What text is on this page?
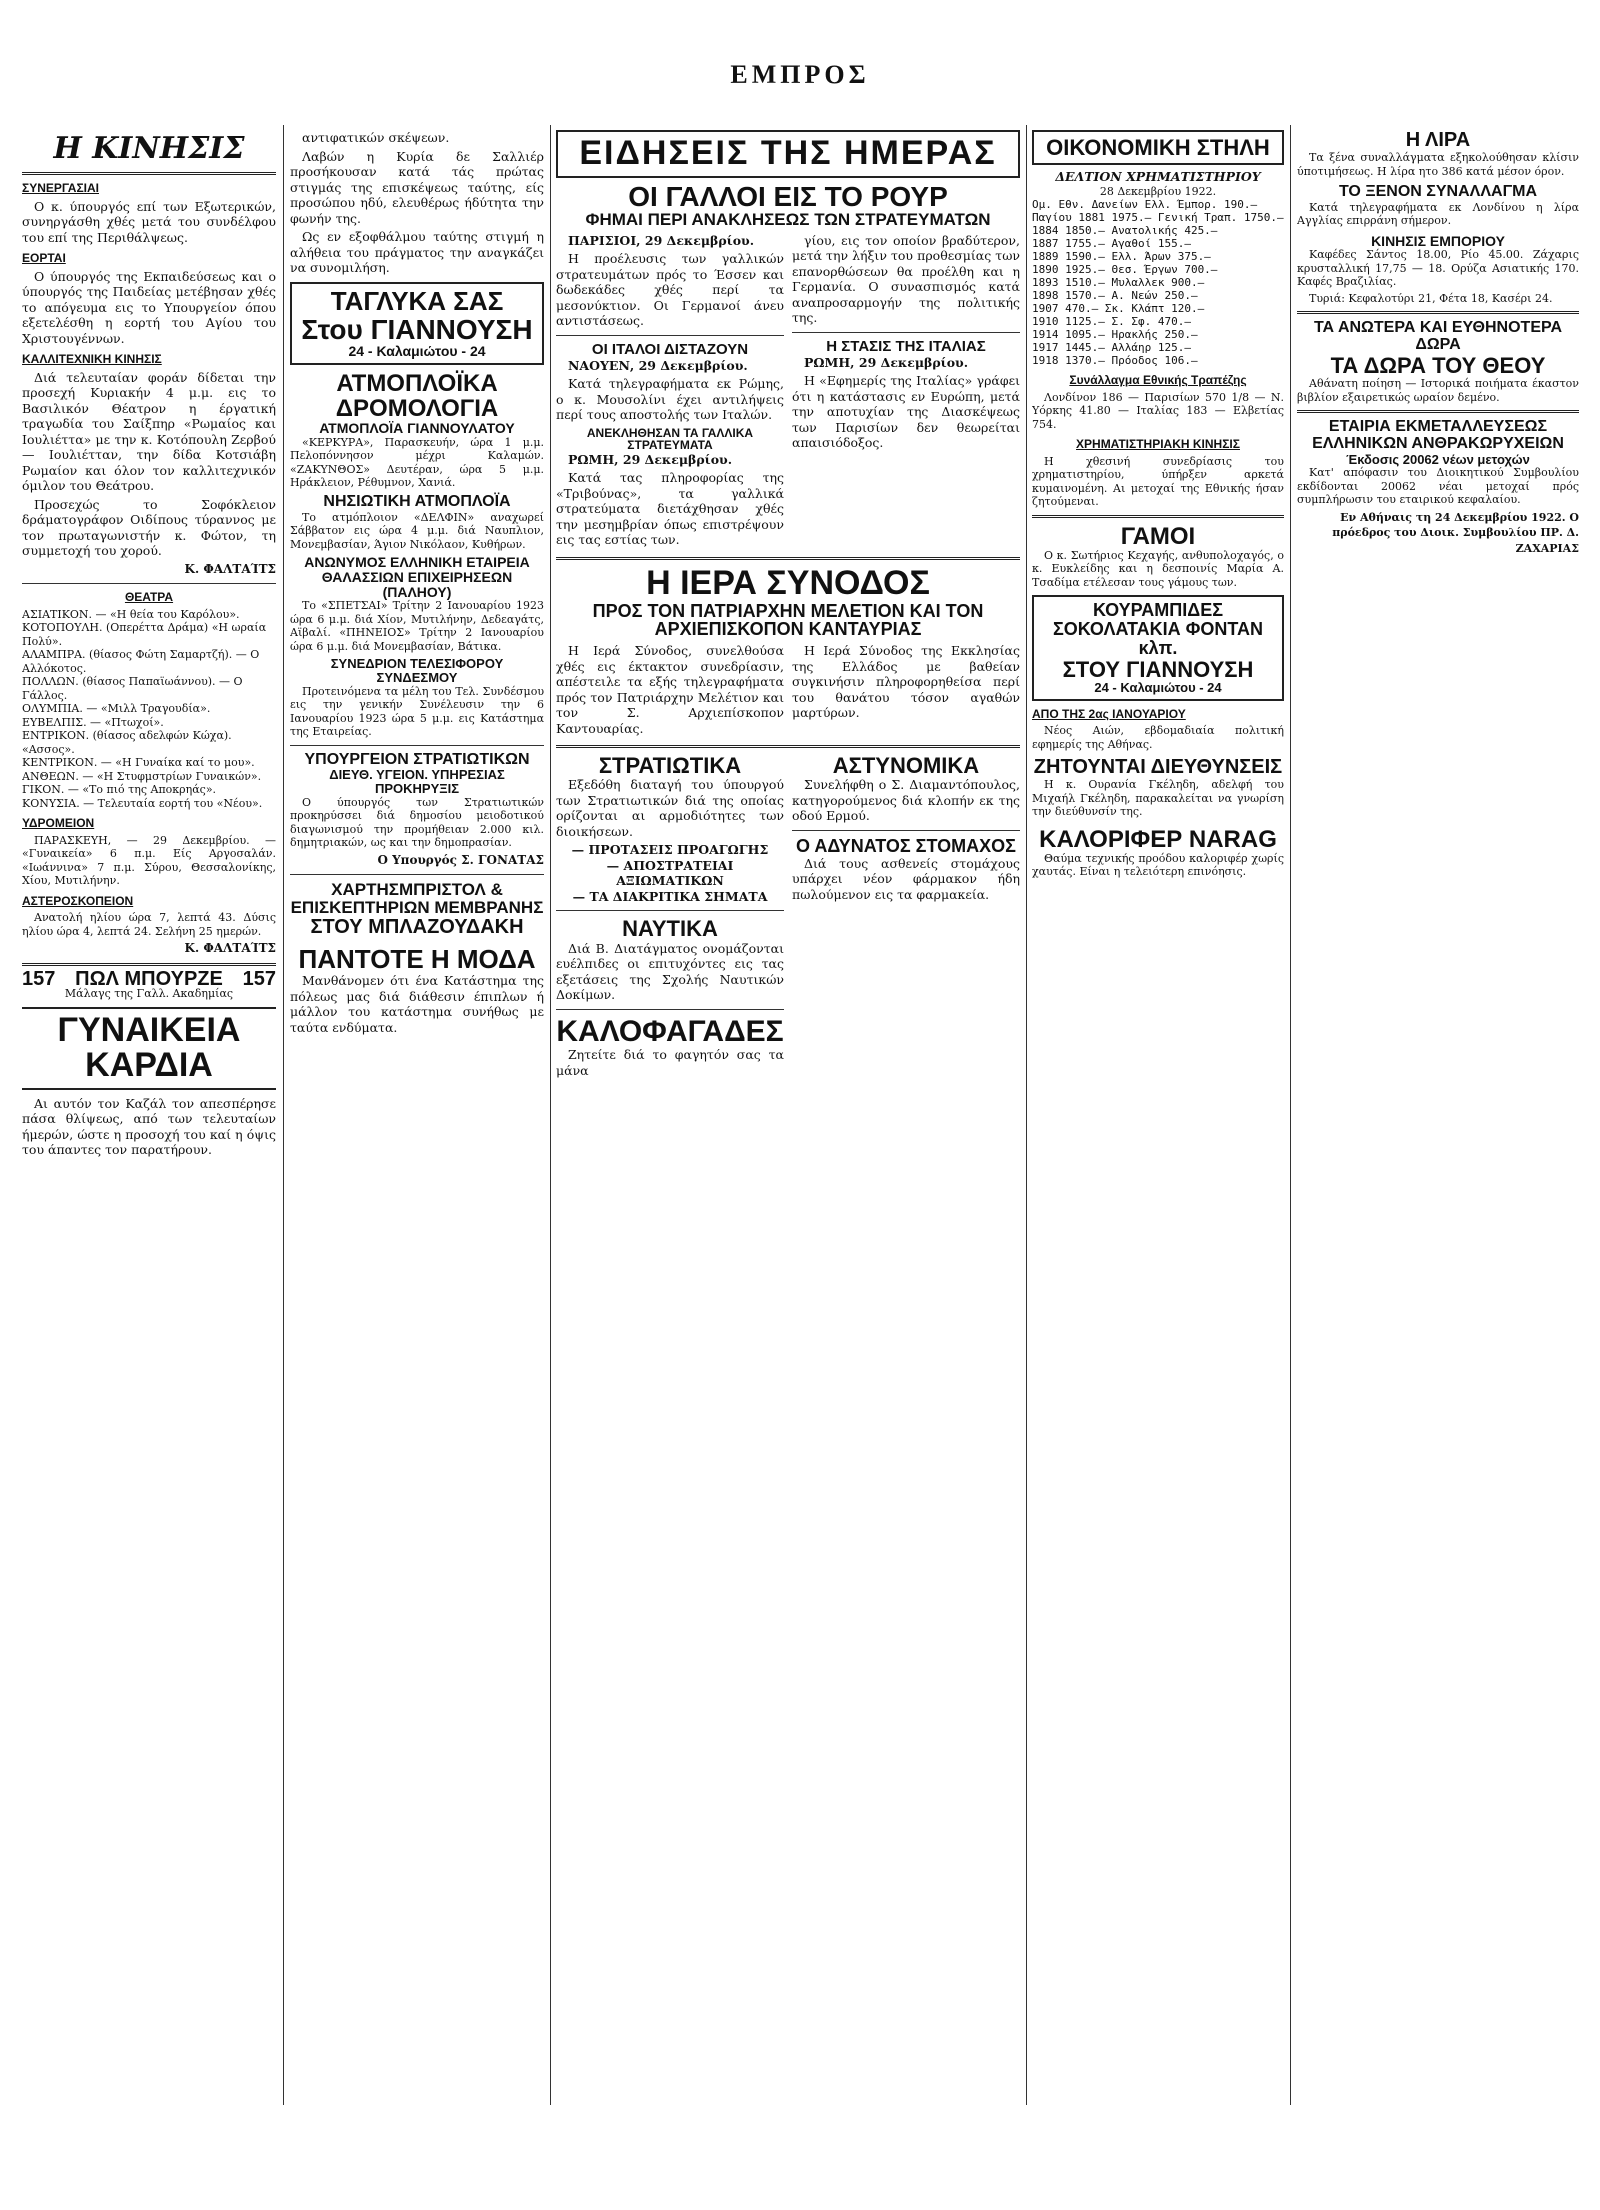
ΕΜΠΡΟΣ
Η ΚΙΝΗΣΙΣ
ΣΥΝΕΡΓΑΣΙΑΙ

Ο κ. ύπουργός επί των Εξωτερικών, συνηργάσθη χθές μετά του συνδέλφου του επί της Περιθάλψεως.

ΕΟΡΤΑΙ

Ο ύπουργός της Εκπαιδεύσεως και ο ύπουργός της Παιδείας μετέβησαν χθές το απόγευμα εις το Υπουργείον όπου εξετελέσθη η εορτή του Αγίου του Χριστουγέννων.

ΚΑΛΛΙΤΕΧΝΙΚΗ ΚΙΝΗΣΙΣ

Διά τελευταίαν φοράν δίδεται την προσεχή Κυριακήν 4 μ.μ. εις το Βασιλικόν Θέατρον η έργατική τραγωδία του Σαίξπηρ «Ρωμαίος και Ιουλιέττα» με την κ. Κοτόπουλη Ζερβού — Ιουλιέτταν, την δίδα Κοτσιάβη Ρωμαίον και όλον τον καλλιτεχνικόν όμιλον του Θεάτρου.

Προσεχώς το Σοφόκλειον δράματογράφον Οιδίπους τύραννος με τον πρωταγωνιστήν κ. Φώτον, τη συμμετοχή του χορού.

Κ. ΦΑΛΤΑΊΤΣ
ΘΕΑΤΡΑ
ΑΣΙΑΤΙΚΟΝ. — «Η θεία του Καρόλου».
ΚΟΤΟΠΟΥΛΗ. (Οπερέττα Δράμα) «Η ωραία Πολύ».
ΑΛΑΜΠΡΑ. (θίασος Φώτη Σαμαρτζή). — Ο Αλλόκοτος.
ΠΟΛΛΩΝ. (θίασος Παπαϊωάννου). — Ο Γάλλος.
ΟΛΥΜΠΙΑ. — «Μιλλ Τραγουδία».
ΕΥΒΕΛΠΙΣ. — «Πτωχοί».
ΕΝΤΡΙΚΟΝ. (θίασος αδελφών Κώχα). «Ασσος».
ΚΕΝΤΡΙΚΟΝ. — «Η Γυναίκα καί το μου».
ΑΝΘΕΩΝ. — «Η Στυφμστρίων Γυναικών».
ΓΙΚΟΝ. — «Το πιό της Αποκρηάς».
ΚΟΝΥΣΙΑ. — Τελευταία εορτή του «Νέου».
ΥΔΡΟΜΕΙΟΝ

ΠΑΡΑΣΚΕΥΗ, — 29 Δεκεμβρίου. — «Γυναικεία» 6 π.μ. Είς Αργοσαλάν. «Ιωάννινα» 7 π.μ. Σύρου, Θεσσαλονίκης, Χίου, Μυτιλήνην.

ΑΣΤΕΡΟΣΚΟΠΕΙΟΝ

Ανατολή ηλίου ώρα 7, λεπτά 43. Δύσις ηλίου ώρα 4, λεπτά 24. Σελήνη 25 ημερών.

Κ. ΦΑΛΤΑΊΤΣ
157 ΠΩΛ ΜΠΟΥΡΖΕ 157
Μάλαγς της Γαλλ. Ακαδημίας
ΓΥΝΑΙΚΕΙΑ ΚΑΡΔΙΑ

Αι αυτόν τον Καζάλ τον απεσπέρησε πάσα θλίψεως, από των τελευταίων ήμερών, ώστε η προσοχή του καί η όψις του άπαντες τον παρατήρουν.

αντιφατικών σκέψεων.

Λαβών η Κυρία δε Σαλλιέρ προσήκουσαν κατά τάς πρώτας στιγμάς της επισκέψεως ταύτης, είς προσώπου ηδύ, ελευθέρως ήδύτητα την φωνήν της.

Ως εν εξοφθάλμου ταύτης στιγμή η αλήθεια του πράγματος την αναγκάζει να συνομιλήση.

ΤΑΓΛΥΚΑ ΣΑΣ
Στου ΓΙΑΝΝΟΥΣΗ
24 - Καλαμιώτου - 24
ΑΤΜΟΠΛΟΪΚΑ ΔΡΟΜΟΛΟΓΙΑ
ΑΤΜΟΠΛΟΪΑ ΓΙΑΝΝΟΥΛΑΤΟΥ

«ΚΕΡΚΥΡΑ», Παρασκευήν, ώρα 1 μ.μ. Πελοπόννησον μέχρι Καλαμών. «ΖΑΚΥΝΘΟΣ» Δευτέραν, ώρα 5 μ.μ. Ηράκλειον, Ρέθυμνον, Χανιά.

ΝΗΣΙΩΤΙΚΗ ΑΤΜΟΠΛΟΪΑ

Το ατμόπλοιον «ΔΕΛΦΙΝ» αναχωρεί Σάββατον εις ώρα 4 μ.μ. διά Ναυπλιον, Μονεμβασίαν, Άγιον Νικόλαον, Κυθήρων.

ΑΝΩΝΥΜΟΣ ΕΛΛΗΝΙΚΗ ΕΤΑΙΡΕΙΑ ΘΑΛΑΣΣΙΩΝ ΕΠΙΧΕΙΡΗΣΕΩΝ (ΠΑΛΗΟΥ)

Το «ΣΠΕΤΣΑΙ» Τρίτην 2 Ιανουαρίου 1923 ώρα 6 μ.μ. διά Χίον, Μυτιλήνην, Δεδεαγάτς, Αϊβαλί. «ΠΗΝΕΙΟΣ» Τρίτην 2 Ιανουαρίου ώρα 6 μ.μ. διά Μονεμβασίαν, Βάτικα.

ΣΥΝΕΔΡΙΟΝ ΤΕΛΕΣΙΦΟΡΟΥ ΣΥΝΔΕΣΜΟΥ

Προτεινόμενα τα μέλη του Τελ. Συνδέσμου εις την γενικήν Συνέλευσιν την 6 Ιανουαρίου 1923 ώρα 5 μ.μ. εις Κατάστημα της Εταιρείας.

ΥΠΟΥΡΓΕΙΟΝ ΣΤΡΑΤΙΩΤΙΚΩΝ
ΔΙΕΥΘ. ΥΓΕΙΟΝ. ΥΠΗΡΕΣΙΑΣ ΠΡΟΚΗΡΥΞΙΣ

Ο ύπουργός των Στρατιωτικών προκηρύσσει διά δημοσίου μειοδοτικού διαγωνισμού την προμήθειαν 2.000 κιλ. δημητριακών, ως και την δημοπρασίαν.

Ο Υπουργός Σ. ΓΟΝΑΤΑΣ
ΧΑΡΤΗΣΜΠΡΙΣΤΟΛ & ΕΠΙΣΚΕΠΤΗΡΙΩΝ ΜΕΜΒΡΑΝΗΣ
ΣΤΟΥ ΜΠΛΑΖΟΥΔΑΚΗ
ΠΑΝΤΟΤΕ Η ΜΟΔΑ

Μανθάνομεν ότι ένα Κατάστημα της πόλεως μας διά διάθεσιν έπιπλων ή μάλλον του κατάστημα συνήθως με ταύτα ενδύματα.

ΕΙΔΗΣΕΙΣ ΤΗΣ ΗΜΕΡΑΣ
ΟΙ ΓΑΛΛΟΙ ΕΙΣ ΤΟ ΡΟΥΡ
ΦΗΜΑΙ ΠΕΡΙ ΑΝΑΚΛΗΣΕΩΣ ΤΩΝ ΣΤΡΑΤΕΥΜΑΤΩΝ

ΠΑΡΙΣΙΟΙ, 29 Δεκεμβρίου.

Η προέλευσις των γαλλικών στρατευμάτων πρός το Έσσεν και δωδεκάδες χθές περί τα μεσονύκτιον. Οι Γερμανοί άνευ αντιστάσεως.

ΟΙ ΙΤΑΛΟΙ ΔΙΣΤΑΖΟΥΝ

ΝΑΟΥΕΝ, 29 Δεκεμβρίου.

Κατά τηλεγραφήματα εκ Ρώμης, ο κ. Μουσολίνι έχει αντιλήψεις περί τους αποστολής των Ιταλών.

ΑΝΕΚΛΗΘΗΣΑΝ ΤΑ ΓΑΛΛΙΚΑ ΣΤΡΑΤΕΥΜΑΤΑ

ΡΩΜΗ, 29 Δεκεμβρίου.

Κατά τας πληροφορίας της «Τριβούνας», τα γαλλικά στρατεύματα διετάχθησαν χθές την μεσημβρίαν όπως επιστρέψουν εις τας εστίας των.

γίου, εις τον οποίον βραδύτερον, μετά την λήξιν του προθεσμίας των επανορθώσεων θα προέλθη και η Γερμανία. Ο συνασπισμός κατά αναπροσαρμογήν της πολιτικής της.

Η ΣΤΑΣΙΣ ΤΗΣ ΙΤΑΛΙΑΣ

ΡΩΜΗ, 29 Δεκεμβρίου.

Η «Εφημερίς της Ιταλίας» γράφει ότι η κατάστασις εν Ευρώπη, μετά την αποτυχίαν της Διασκέψεως των Παρισίων δεν θεωρείται απαισιόδοξος.

Η ΙΕΡΑ ΣΥΝΟΔΟΣ
ΠΡΟΣ ΤΟΝ ΠΑΤΡΙΑΡΧΗΝ ΜΕΛΕΤΙΟΝ ΚΑΙ ΤΟΝ ΑΡΧΙΕΠΙΣΚΟΠΟΝ ΚΑΝΤΑΥΡΙΑΣ

Η Ιερά Σύνοδος, συνελθούσα χθές εις έκτακτον συνεδρίασιν, απέστειλε τα εξής τηλεγραφήματα πρός τον Πατριάρχην Μελέτιον και τον Σ. Αρχιεπίσκοπον Καντουαρίας.

Η Ιερά Σύνοδος της Εκκλησίας της Ελλάδος με βαθείαν συγκινήσιν πληροφορηθείσα περί του θανάτου τόσον αγαθών μαρτύρων.

ΣΤΡΑΤΙΩΤΙΚΑ

Εξεδόθη διαταγή του ύπουργού των Στρατιωτικών διά της οποίας ορίζονται αι αρμοδιότητες των διοικήσεων.

— ΠΡΟΤΑΣΕΙΣ ΠΡΟΑΓΩΓΗΣ
— ΑΠΟΣΤΡΑΤΕΙΑΙ ΑΞΙΩΜΑΤΙΚΩΝ
— ΤΑ ΔΙΑΚΡΙΤΙΚΑ ΣΗΜΑΤΑ
ΝΑΥΤΙΚΑ

Διά Β. Διατάγματος ονομάζονται ευέλπιδες οι επιτυχόντες εις τας εξετάσεις της Σχολής Ναυτικών Δοκίμων.

ΚΑΛΟΦΑΓΑΔΕΣ

Ζητείτε διά το φαγητόν σας τα μάνα

ΑΣΤΥΝΟΜΙΚΑ

Συνελήφθη ο Σ. Διαμαντόπουλος, κατηγορούμενος διά κλοπήν εκ της οδού Ερμού.

Ο ΑΔΥΝΑΤΟΣ ΣΤΟΜΑΧΟΣ

Διά τους ασθενείς στομάχους υπάρχει νέον φάρμακον ήδη πωλούμενον εις τα φαρμακεία.

ΟΙΚΟΝΟΜΙΚΗ ΣΤΗΛΗ
ΔΕΛΤΙΟΝ ΧΡΗΜΑΤΙΣΤΗΡΙΟΥ
28 Δεκεμβρίου 1922.
Ομ. Εθν. Δανείων Ελλ. Έμπορ. 190.—
Παγίου 1881 1975.— Γενική Τραπ. 1750.—
1884 1850.— Ανατολικής 425.—
1887 1755.— Αγαθοί 155.—
1889 1590.— Ελλ. Άρων 375.—
1890 1925.— Θεσ. Έργων 700.—
1893 1510.— Μυλαλλεκ 900.—
1898 1570.— Α. Νεών 250.—
1907 470.— Σκ. Κλάπτ 120.—
1910 1125.— Σ. Σφ. 470.—
1914 1095.— Ηρακλής 250.—
1917 1445.— Αλλάηρ 125.—
1918 1370.— Πρόοδος 106.—
Συνάλλαγμα Εθνικής Τραπέζης

Λονδίνον 186 — Παρισίων 570 1/8 — Ν. Υόρκης 41.80 — Ιταλίας 183 — Ελβετίας 754.

ΧΡΗΜΑΤΙΣΤΗΡΙΑΚΗ ΚΙΝΗΣΙΣ

Η χθεσινή συνεδρίασις του χρηματιστηρίου, ύπήρξεν αρκετά κυμαινομένη. Αι μετοχαί της Εθνικής ήσαν ζητούμεναι.

ΓΑΜΟΙ

Ο κ. Σωτήριος Κεχαγής, ανθυπολοχαγός, ο κ. Ευκλείδης και η δεσποινίς Μαρία Α. Τσαδίμα ετέλεσαν τους γάμους των.

ΚΟΥΡΑΜΠΙΔΕΣ ΣΟΚΟΛΑΤΑΚΙΑ ΦΟΝΤΑΝ κλπ.
ΣΤΟΥ ΓΙΑΝΝΟΥΣΗ
24 - Καλαμιώτου - 24
ΑΠΟ ΤΗΣ 2ας ΙΑΝΟΥΑΡΙΟΥ

Νέος Αιών, εβδομαδιαία πολιτική εφημερίς της Αθήνας.

ΖΗΤΟΥΝΤΑΙ ΔΙΕΥΘΥΝΣΕΙΣ

Η κ. Ουρανία Γκέληδη, αδελφή του Μιχαήλ Γκέληδη, παρακαλείται να γνωρίση την διεύθυνσίν της.

ΚΑΛΟΡΙΦΕΡ NARAG

Θαύμα τεχνικής προόδου καλοριφέρ χωρίς χαυτάς. Είναι η τελειότερη επινόησις.

Η ΛΙΡΑ

Τα ξένα συναλλάγματα εξηκολούθησαν κλίσιν ύποτιμήσεως. Η λίρα ητο 386 κατά μέσον όρον.

ΤΟ ΞΕΝΟΝ ΣΥΝΑΛΛΑΓΜΑ

Κατά τηλεγραφήματα εκ Λονδίνου η λίρα Αγγλίας επιρράνη σήμερον.

ΚΙΝΗΣΙΣ ΕΜΠΟΡΙΟΥ

Καφέδες Σάντος 18.00, Ρίο 45.00. Ζάχαρις κρυσταλλική 17,75 — 18. Ορύζα Ασιατικής 170. Καφές Βραζιλίας.

Τυριά: Κεφαλοτύρι 21, Φέτα 18, Κασέρι 24.

ΤΑ ΑΝΩΤΕΡΑ ΚΑΙ ΕΥΘΗΝΟΤΕΡΑ ΔΩΡΑ
ΤΑ ΔΩΡΑ ΤΟΥ ΘΕΟΥ

Αθάνατη ποίηση — Ιστορικά ποιήματα έκαστον βιβλίον εξαιρετικώς ωραίον δεμένο.

ΕΤΑΙΡΙΑ ΕΚΜΕΤΑΛΛΕΥΣΕΩΣ ΕΛΛΗΝΙΚΩΝ ΑΝΘΡΑΚΩΡΥΧΕΙΩΝ
Έκδοσις 20062 νέων μετοχών

Κατ' απόφασιν του Διοικητικού Συμβουλίου εκδίδονται 20062 νέαι μετοχαί πρός συμπλήρωσιν του εταιρικού κεφαλαίου.

Εν Αθήναις τη 24 Δεκεμβρίου 1922. Ο πρόεδρος του Διοικ. Συμβουλίου ΠΡ. Δ. ΖΑΧΑΡΙΑΣ
